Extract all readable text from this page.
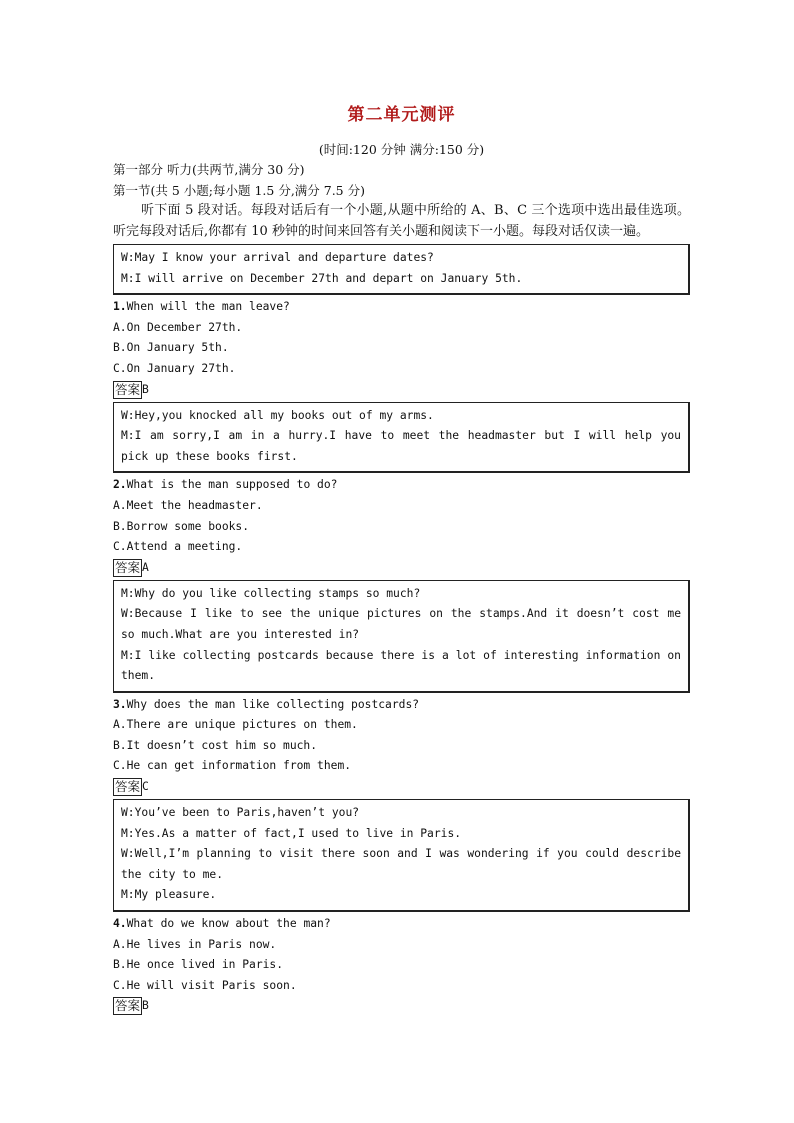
第二单元测评
(时间:120 分钟 满分:150 分)
第一部分 听力(共两节,满分 30 分)
第一节(共 5 小题;每小题 1.5 分,满分 7.5 分)
听下面 5 段对话。每段对话后有一个小题,从题中所给的 A、B、C 三个选项中选出最佳选项。听完每段对话后,你都有 10 秒钟的时间来回答有关小题和阅读下一小题。每段对话仅读一遍。
W:May I know your arrival and departure dates?
M:I will arrive on December 27th and depart on January 5th.
1.When will the man leave?
A.On December 27th.
B.On January 5th.
C.On January 27th.
答案 B
W:Hey,you knocked all my books out of my arms.
M:I am sorry,I am in a hurry.I have to meet the headmaster but I will help you pick up these books first.
2.What is the man supposed to do?
A.Meet the headmaster.
B.Borrow some books.
C.Attend a meeting.
答案 A
M:Why do you like collecting stamps so much?
W:Because I like to see the unique pictures on the stamps.And it doesn’t cost me so much.What are you interested in?
M:I like collecting postcards because there is a lot of interesting information on them.
3.Why does the man like collecting postcards?
A.There are unique pictures on them.
B.It doesn’t cost him so much.
C.He can get information from them.
答案 C
W:You’ve been to Paris,haven’t you?
M:Yes.As a matter of fact,I used to live in Paris.
W:Well,I’m planning to visit there soon and I was wondering if you could describe the city to me.
M:My pleasure.
4.What do we know about the man?
A.He lives in Paris now.
B.He once lived in Paris.
C.He will visit Paris soon.
答案 B
